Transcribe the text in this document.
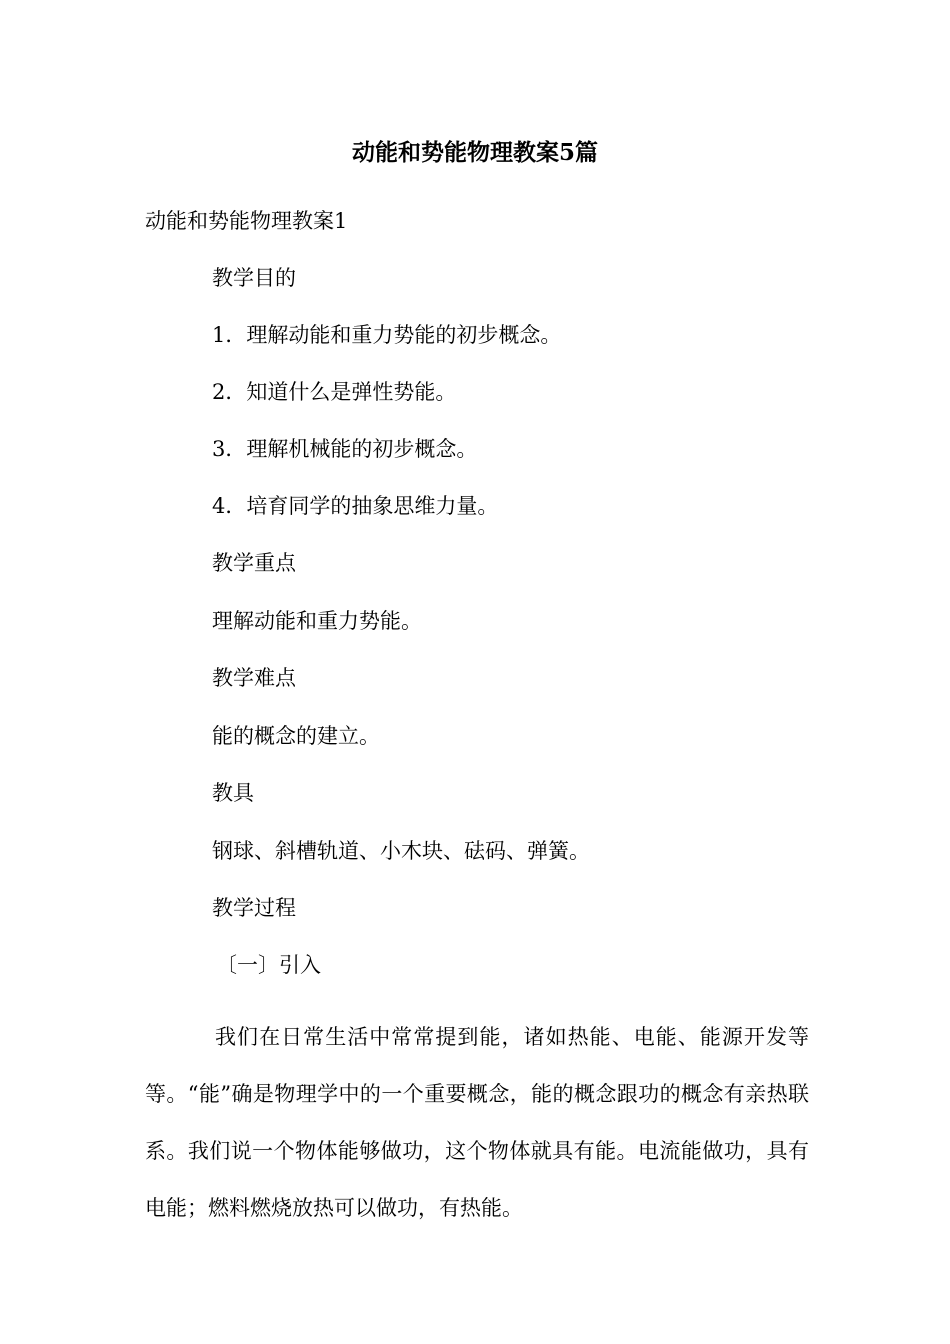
动能和势能物理教案5篇

动能和势能物理教案1

教学目的

1．理解动能和重力势能的初步概念。

2．知道什么是弹性势能。

3．理解机械能的初步概念。

4．培育同学的抽象思维力量。

教学重点

理解动能和重力势能。

教学难点

能的概念的建立。

教具

钢球、斜槽轨道、小木块、砝码、弹簧。

教学过程

〔一〕引入

我们在日常生活中常常提到能，诸如热能、电能、能源开发等等。“能”确是物理学中的一个重要概念，能的概念跟功的概念有亲热联系。我们说一个物体能够做功，这个物体就具有能。电流能做功，具有电能；燃料燃烧放热可以做功，有热能。
